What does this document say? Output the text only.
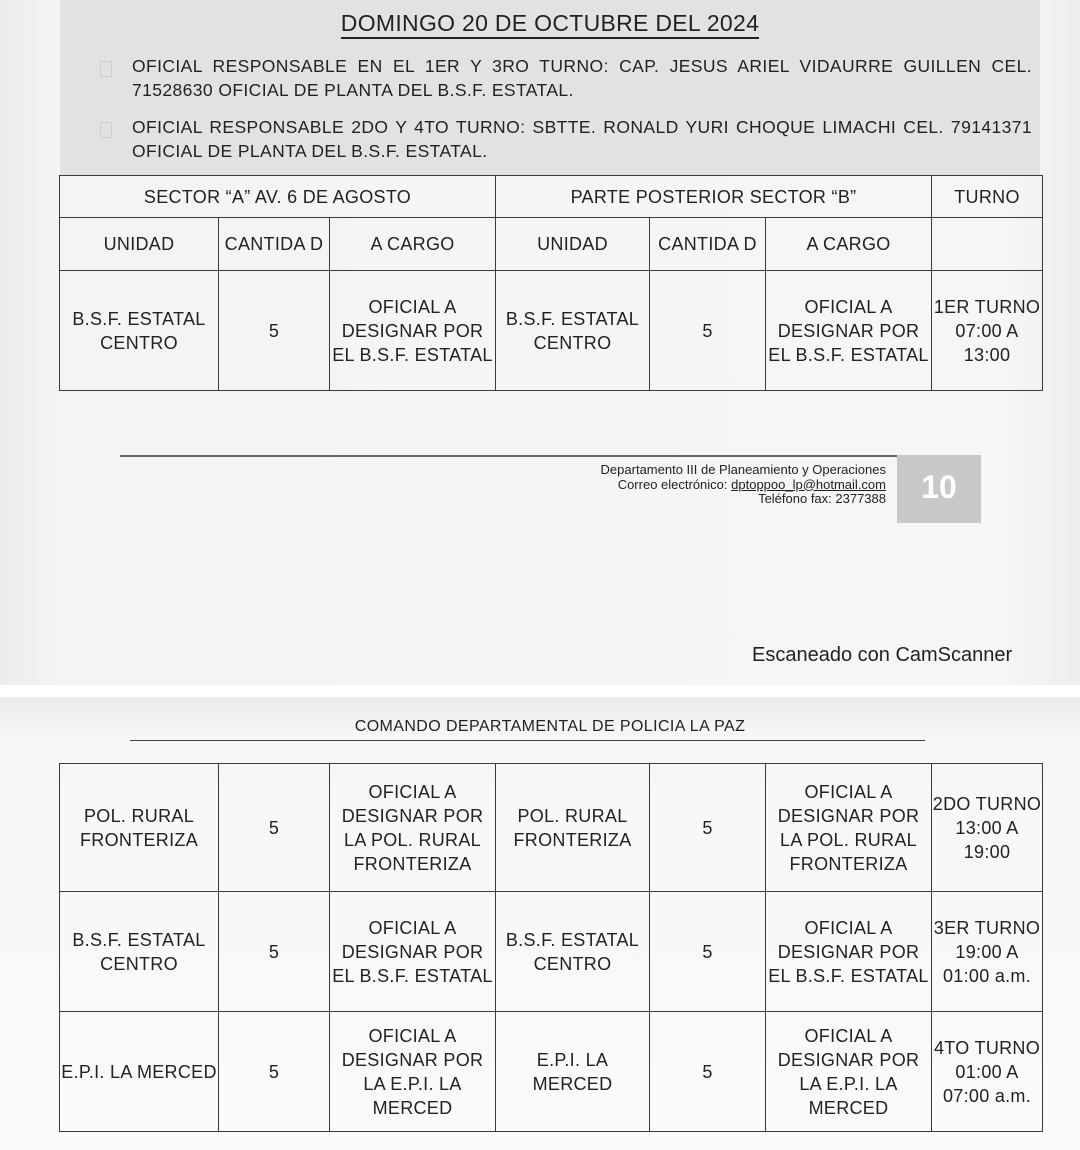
DOMINGO 20 DE OCTUBRE DEL 2024
OFICIAL RESPONSABLE EN EL 1ER Y 3RO TURNO: CAP. JESUS ARIEL VIDAURRE GUILLEN CEL. 71528630 OFICIAL DE PLANTA DEL B.S.F. ESTATAL.
OFICIAL RESPONSABLE 2DO Y 4TO TURNO: SBTTE. RONALD YURI CHOQUE LIMACHI CEL. 79141371 OFICIAL DE PLANTA DEL B.S.F. ESTATAL.
SECTOR “A” AV. 6 DE AGOSTO			PARTE POSTERIOR SECTOR “B”			TURNO
UNIDAD	CANTIDA D	A CARGO	UNIDAD	CANTIDA D	A CARGO	
B.S.F. ESTATAL CENTRO	5	OFICIAL A DESIGNAR POR EL B.S.F. ESTATAL	B.S.F. ESTATAL CENTRO	5	OFICIAL A DESIGNAR POR EL B.S.F. ESTATAL	1ER TURNO 07:00 A 13:00
Departamento III de Planeamiento y Operaciones
Correo electrónico: dptoppoo_lp@hotmail.com
Teléfono fax: 2377388	10
Escaneado con CamScanner
COMANDO DEPARTAMENTAL DE POLICIA LA PAZ
POL. RURAL FRONTERIZA	5	OFICIAL A DESIGNAR POR LA POL. RURAL FRONTERIZA	POL. RURAL FRONTERIZA	5	OFICIAL A DESIGNAR POR LA POL. RURAL FRONTERIZA	2DO TURNO 13:00 A 19:00
B.S.F. ESTATAL CENTRO	5	OFICIAL A DESIGNAR POR EL B.S.F. ESTATAL	B.S.F. ESTATAL CENTRO	5	OFICIAL A DESIGNAR POR EL B.S.F. ESTATAL	3ER TURNO 19:00 A 01:00 a.m.
E.P.I. LA MERCED	5	OFICIAL A DESIGNAR POR LA E.P.I. LA MERCED	E.P.I. LA MERCED	5	OFICIAL A DESIGNAR POR LA E.P.I. LA MERCED	4TO TURNO 01:00 A 07:00 a.m.
